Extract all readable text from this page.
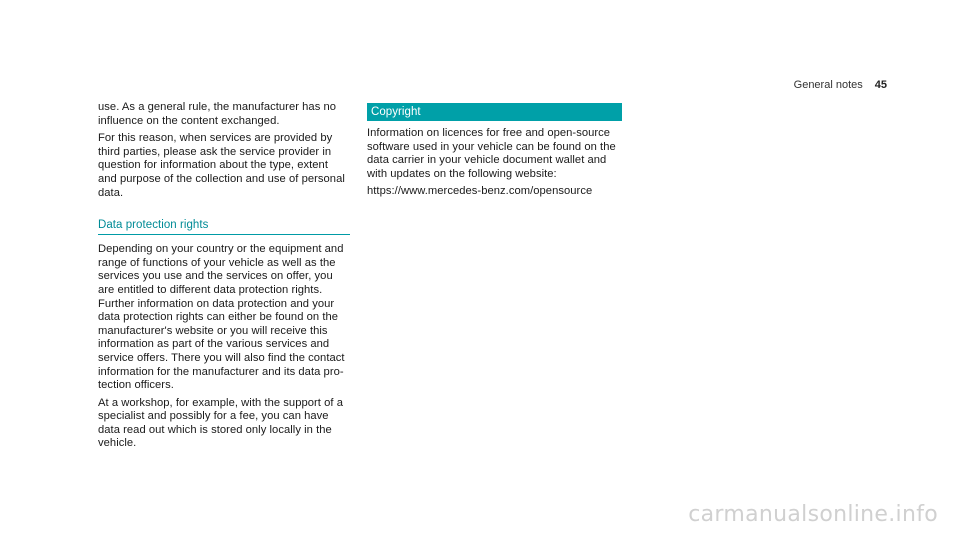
General notes 45

use. As a general rule, the manufacturer has no
influence on the content exchanged.

For this reason, when services are provided by
third parties, please ask the service provider in
question for information about the type, extent
and purpose of the collection and use of personal
data.

Data protection rights

Depending on your country or the equipment and
range of functions of your vehicle as well as the
services you use and the services on offer, you
are entitled to different data protection rights.
Further information on data protection and your
data protection rights can either be found on the
manufacturer's website or you will receive this
information as part of the various services and
service offers. There you will also find the contact
information for the manufacturer and its data pro-
tection officers.

At a workshop, for example, with the support of a
specialist and possibly for a fee, you can have
data read out which is stored only locally in the
vehicle.

Copyright

Information on licences for free and open-source
software used in your vehicle can be found on the
data carrier in your vehicle document wallet and
with updates on the following website:

https://www.mercedes-benz.com/opensource

carmanualsonline.info
